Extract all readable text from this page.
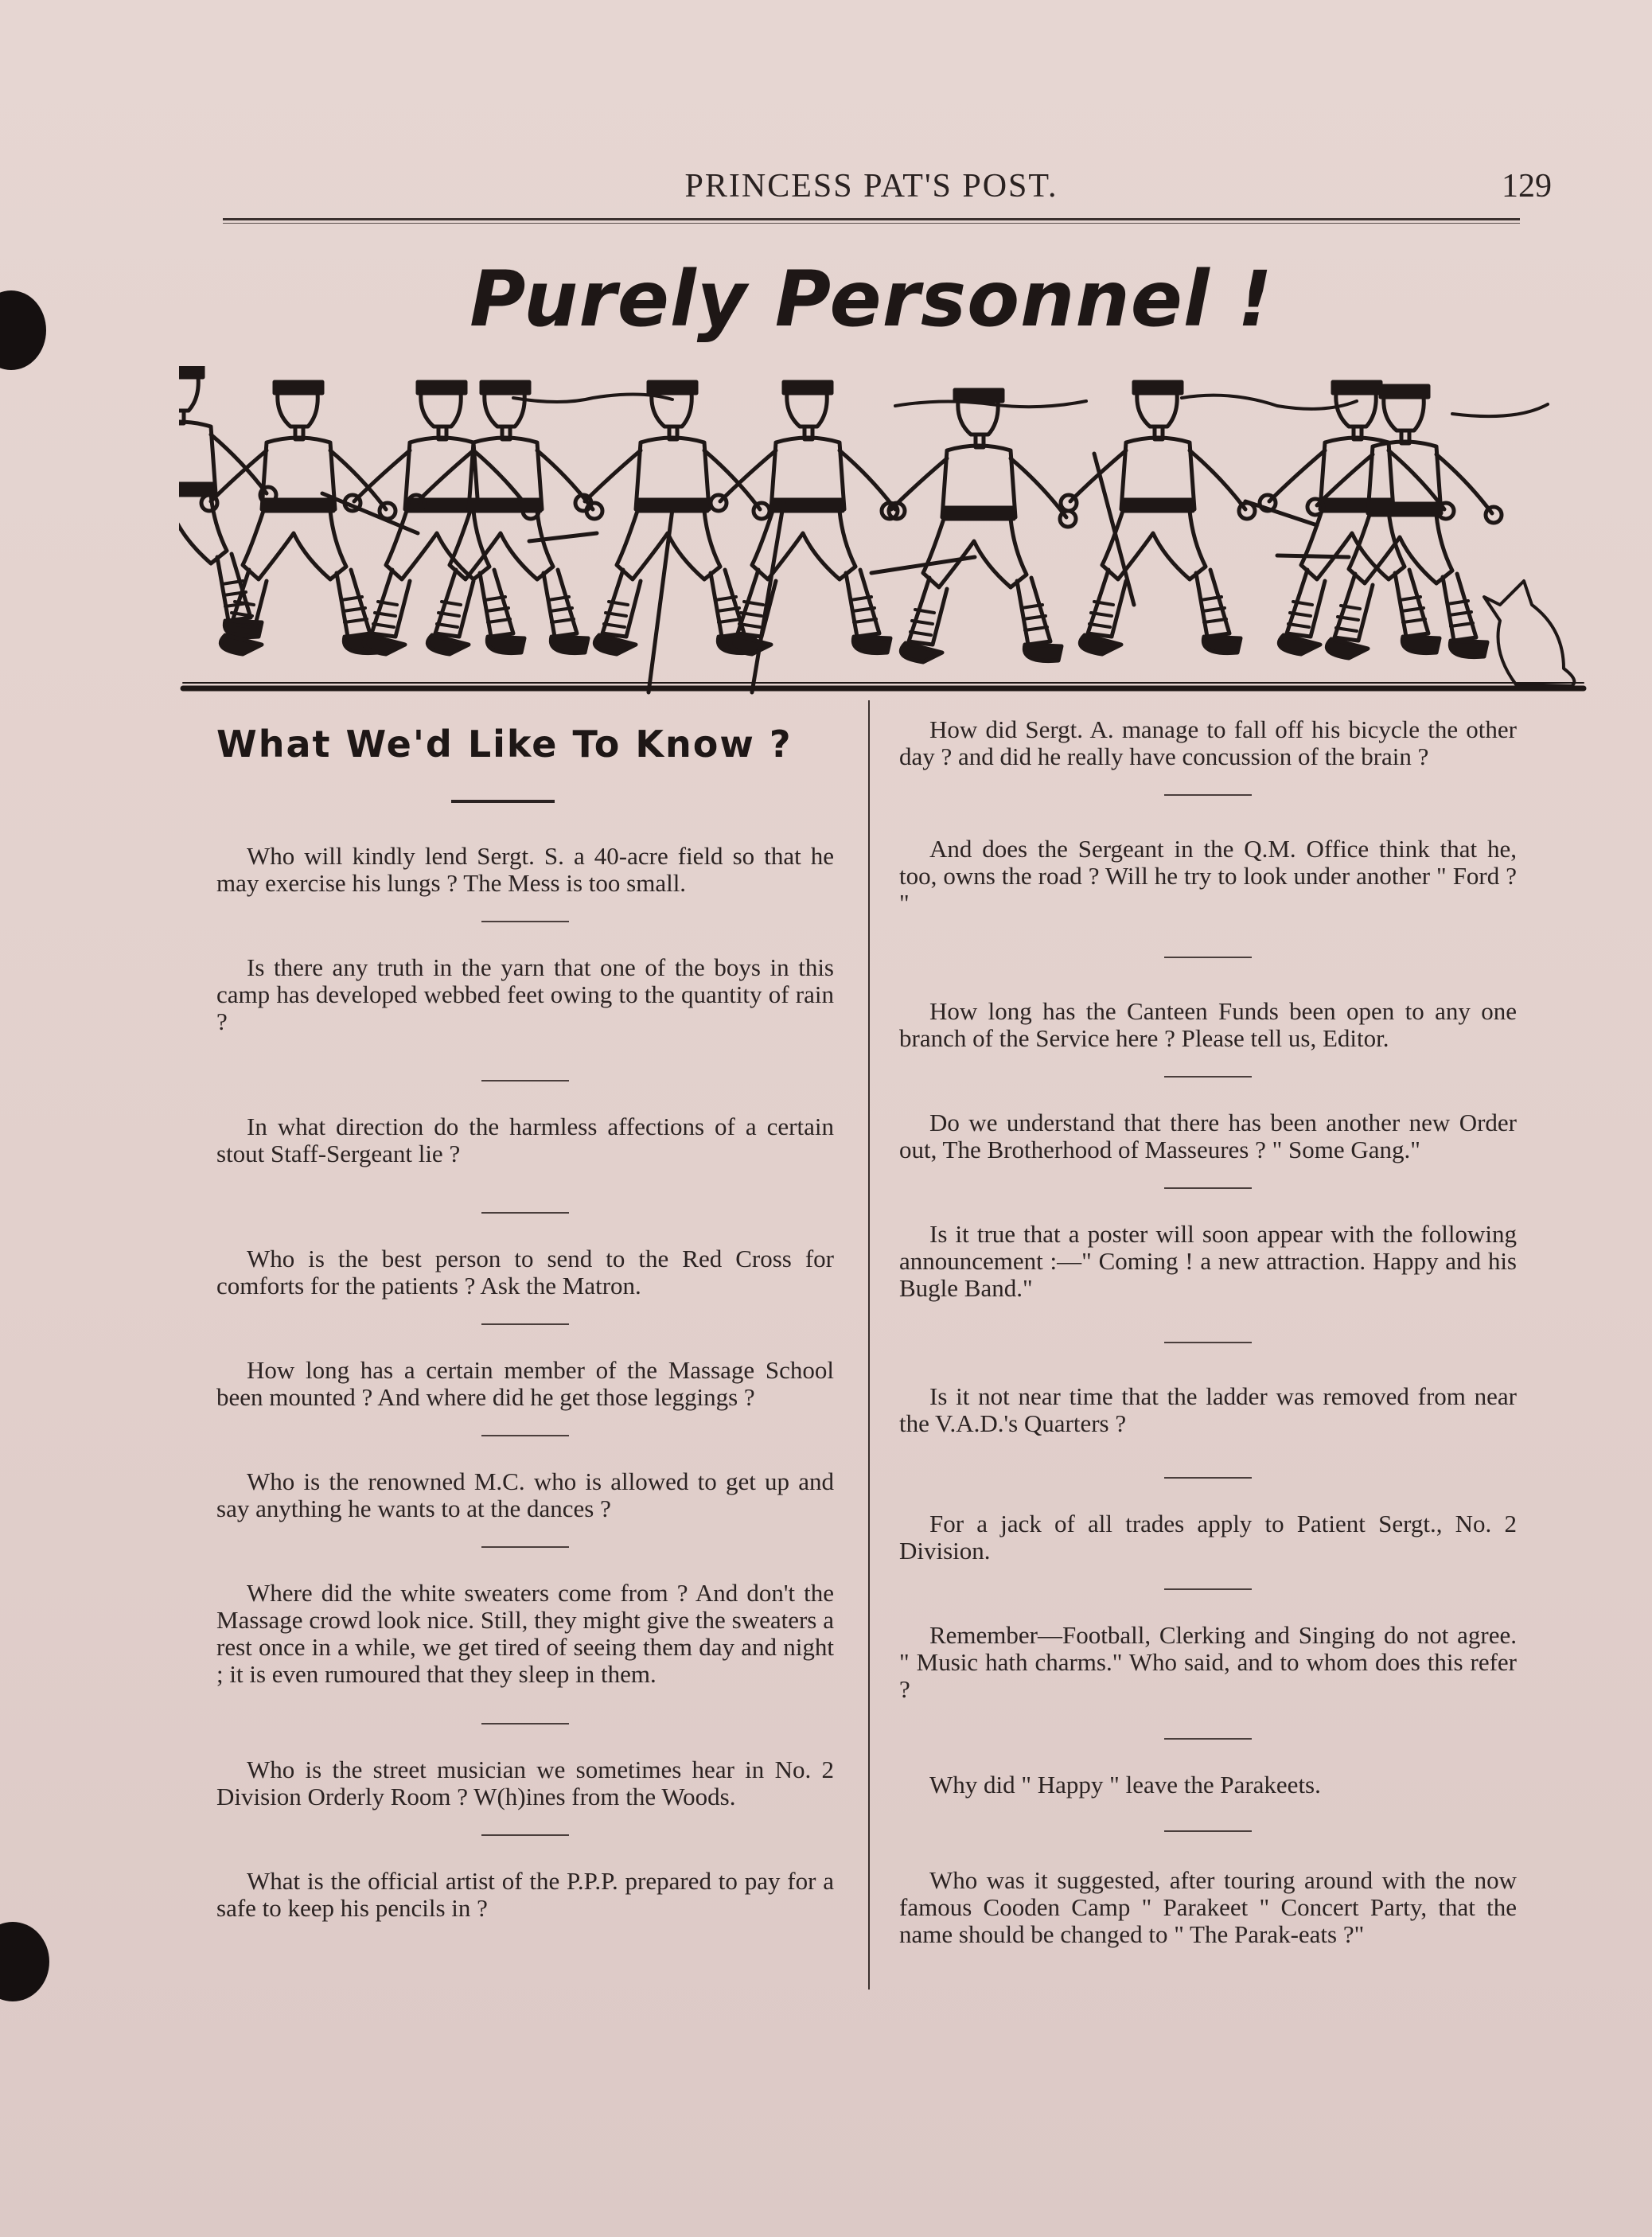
PRINCESS PAT'S POST.	129
Purely Personnel !
What We'd Like To Know ?

Who will kindly lend Sergt. S. a 40-acre field so that he may exercise his lungs ? The Mess is too small.

Is there any truth in the yarn that one of the boys in this camp has developed webbed feet owing to the quantity of rain ?

In what direction do the harmless affections of a certain stout Staff-Sergeant lie ?

Who is the best person to send to the Red Cross for comforts for the patients ? Ask the Matron.

How long has a certain member of the Massage School been mounted ? And where did he get those leggings ?

Who is the renowned M.C. who is allowed to get up and say anything he wants to at the dances ?

Where did the white sweaters come from ? And don't the Massage crowd look nice. Still, they might give the sweaters a rest once in a while, we get tired of seeing them day and night ; it is even rumoured that they sleep in them.

Who is the street musician we sometimes hear in No. 2 Division Orderly Room ? W(h)ines from the Woods.

What is the official artist of the P.P.P. prepared to pay for a safe to keep his pencils in ?

How did Sergt. A. manage to fall off his bicycle the other day ? and did he really have concussion of the brain ?

And does the Sergeant in the Q.M. Office think that he, too, owns the road ? Will he try to look under another " Ford ? "

How long has the Canteen Funds been open to any one branch of the Service here ? Please tell us, Editor.

Do we understand that there has been another new Order out, The Brotherhood of Masseures ? " Some Gang."

Is it true that a poster will soon appear with the following announcement :—" Coming ! a new attraction. Happy and his Bugle Band."

Is it not near time that the ladder was removed from near the V.A.D.'s Quarters ?

For a jack of all trades apply to Patient Sergt., No. 2 Division.

Remember—Football, Clerking and Singing do not agree. " Music hath charms." Who said, and to whom does this refer ?

Why did " Happy " leave the Parakeets.

Who was it suggested, after touring around with the now famous Cooden Camp " Parakeet " Concert Party, that the name should be changed to " The Parak-eats ?"
